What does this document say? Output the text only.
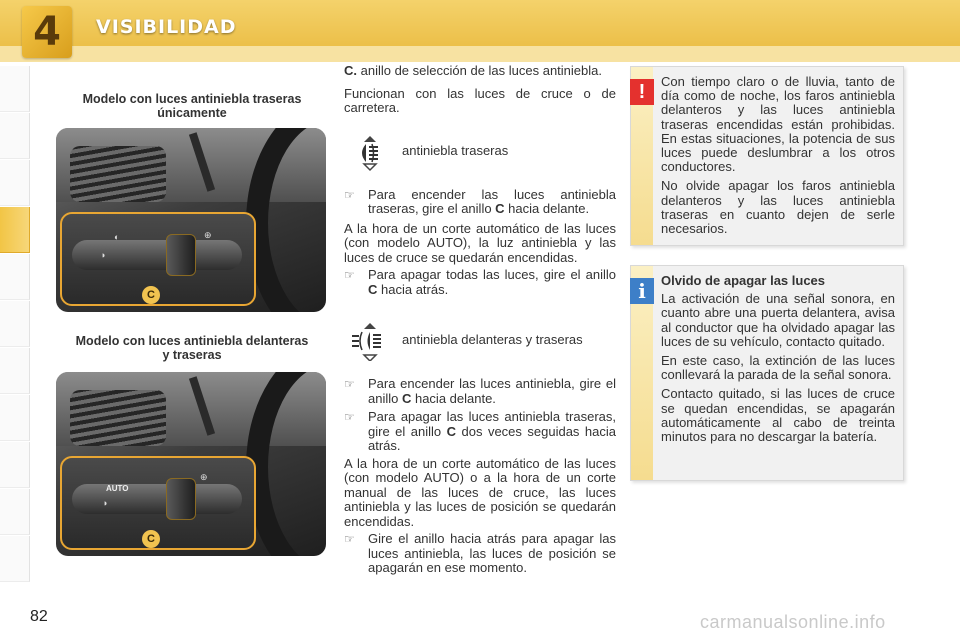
4	VISIBILIDAD
Modelo con luces antiniebla traseras únicamente
◐
◑
⊕
C
Modelo con luces antiniebla delanteras y traseras
AUTO
◑
⊕
C

C. anillo de selección de las luces antiniebla.

Funcionan con las luces de cruce o de carretera.

antiniebla traseras

☞ Para encender las luces antiniebla traseras, gire el anillo C hacia delante.

A la hora de un corte automático de las luces (con modelo AUTO), la luz antiniebla y las luces de cruce se quedarán encendidas.

☞ Para apagar todas las luces, gire el anillo C hacia atrás.

antiniebla delanteras y traseras

☞ Para encender las luces antiniebla, gire el anillo C hacia delante.

☞ Para apagar las luces antiniebla traseras, gire el anillo C dos veces seguidas hacia atrás.

A la hora de un corte automático de las luces (con modelo AUTO) o a la hora de un corte manual de las luces de cruce, las luces antiniebla y las luces de posición se quedarán encendidas.

☞ Gire el anillo hacia atrás para apagar las luces antiniebla, las luces de posición se apagarán en ese momento.

!	Con tiempo claro o de lluvia, tanto de día como de noche, los faros antiniebla delanteros y las luces antiniebla traseras encendidas están prohibidas. En estas situaciones, la potencia de sus luces puede deslumbrar a los otros conductores.

No olvide apagar los faros antiniebla delanteros y las luces antiniebla traseras en cuanto dejen de serle necesarios.

i	Olvido de apagar las luces

La activación de una señal sonora, en cuanto abre una puerta delantera, avisa al conductor que ha olvidado apagar las luces de su vehículo, contacto quitado.

En este caso, la extinción de las luces conllevará la parada de la señal sonora.

Contacto quitado, si las luces de cruce se quedan encendidas, se apagarán automáticamente al cabo de treinta minutos para no descargar la batería.

82	carmanualsonline.info
